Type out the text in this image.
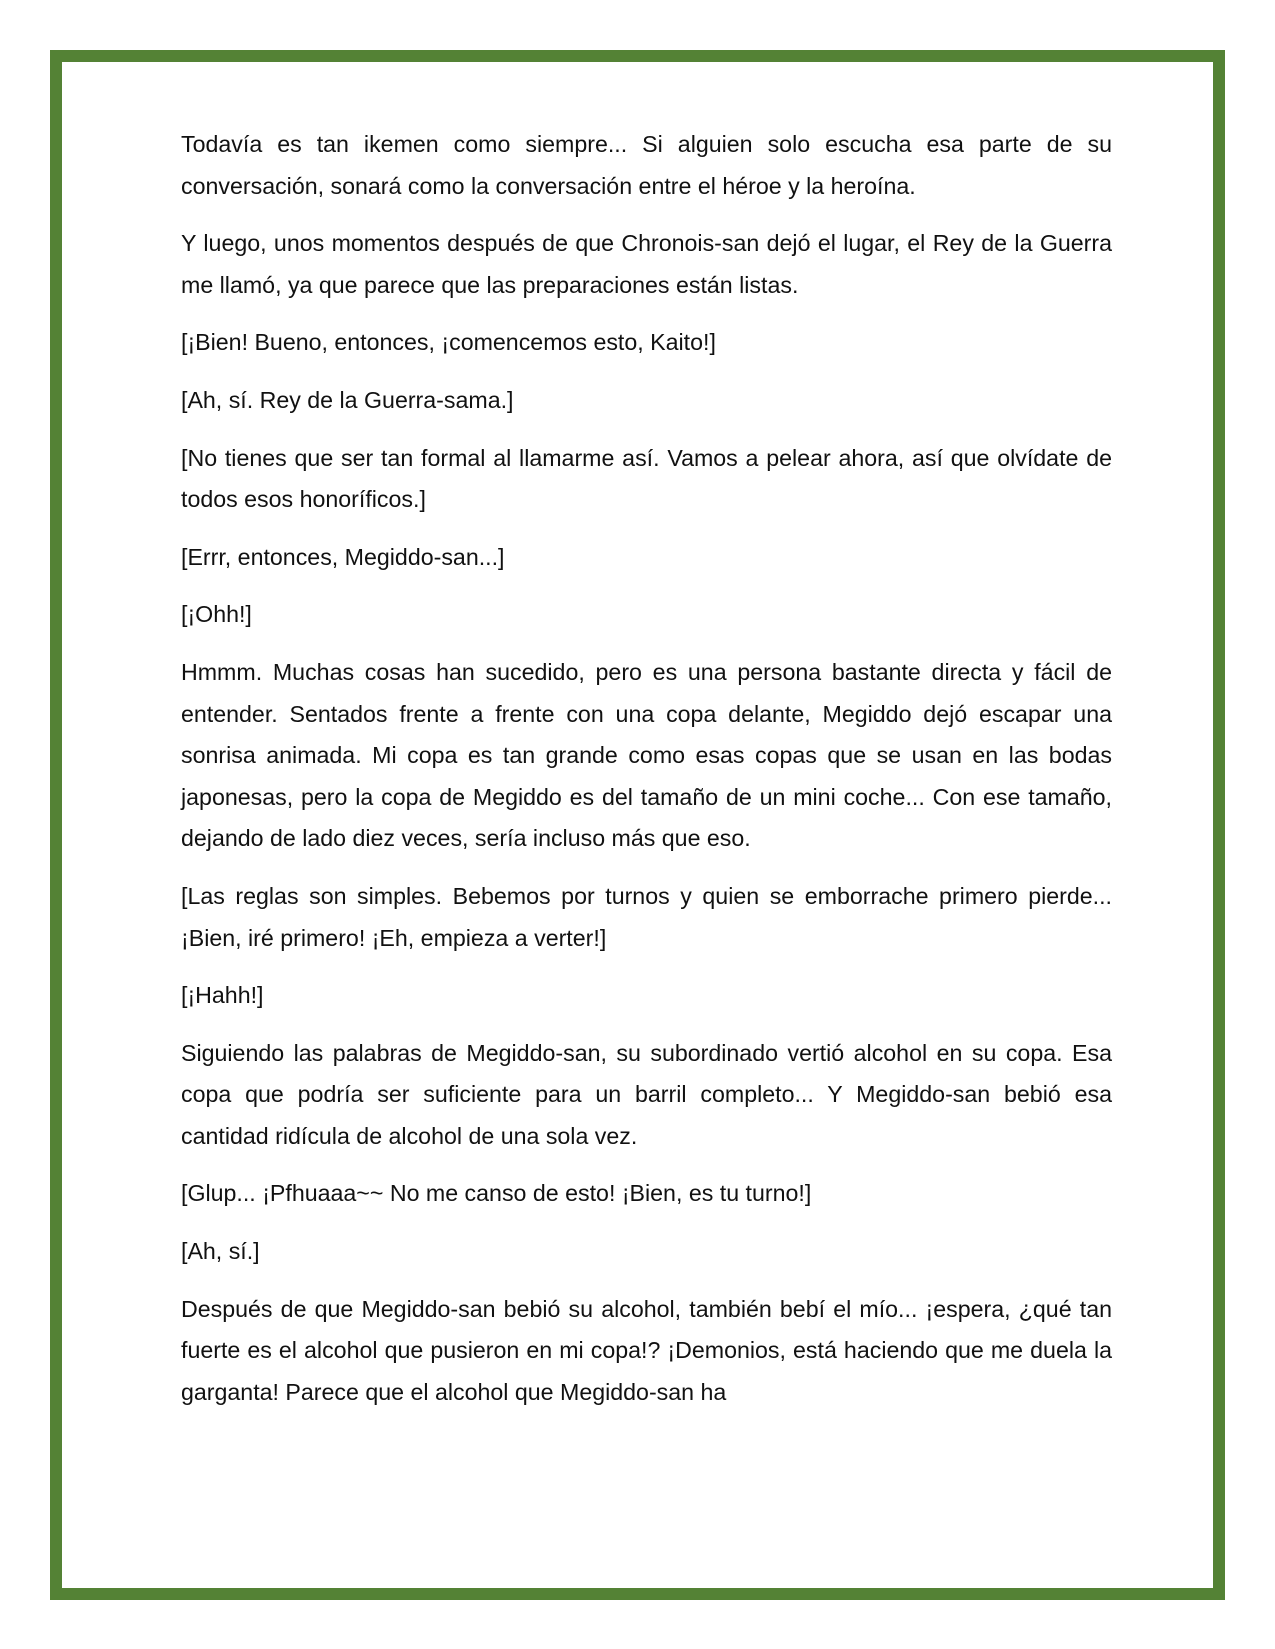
Todavía es tan ikemen como siempre... Si alguien solo escucha esa parte de su conversación, sonará como la conversación entre el héroe y la heroína.

Y luego, unos momentos después de que Chronois-san dejó el lugar, el Rey de la Guerra me llamó, ya que parece que las preparaciones están listas.

[¡Bien! Bueno, entonces, ¡comencemos esto, Kaito!]

[Ah, sí. Rey de la Guerra-sama.]

[No tienes que ser tan formal al llamarme así. Vamos a pelear ahora, así que olvídate de todos esos honoríficos.]

[Errr, entonces, Megiddo-san...]

[¡Ohh!]

Hmmm. Muchas cosas han sucedido, pero es una persona bastante directa y fácil de entender. Sentados frente a frente con una copa delante, Megiddo dejó escapar una sonrisa animada. Mi copa es tan grande como esas copas que se usan en las bodas japonesas, pero la copa de Megiddo es del tamaño de un mini coche... Con ese tamaño, dejando de lado diez veces, sería incluso más que eso.

[Las reglas son simples. Bebemos por turnos y quien se emborrache primero pierde... ¡Bien, iré primero! ¡Eh, empieza a verter!]

[¡Hahh!]

Siguiendo las palabras de Megiddo-san, su subordinado vertió alcohol en su copa. Esa copa que podría ser suficiente para un barril completo... Y Megiddo-san bebió esa cantidad ridícula de alcohol de una sola vez.

[Glup... ¡Pfhuaaa~~ No me canso de esto! ¡Bien, es tu turno!]

[Ah, sí.]

Después de que Megiddo-san bebió su alcohol, también bebí el mío... ¡espera, ¿qué tan fuerte es el alcohol que pusieron en mi copa!? ¡Demonios, está haciendo que me duela la garganta! Parece que el alcohol que Megiddo-san ha
